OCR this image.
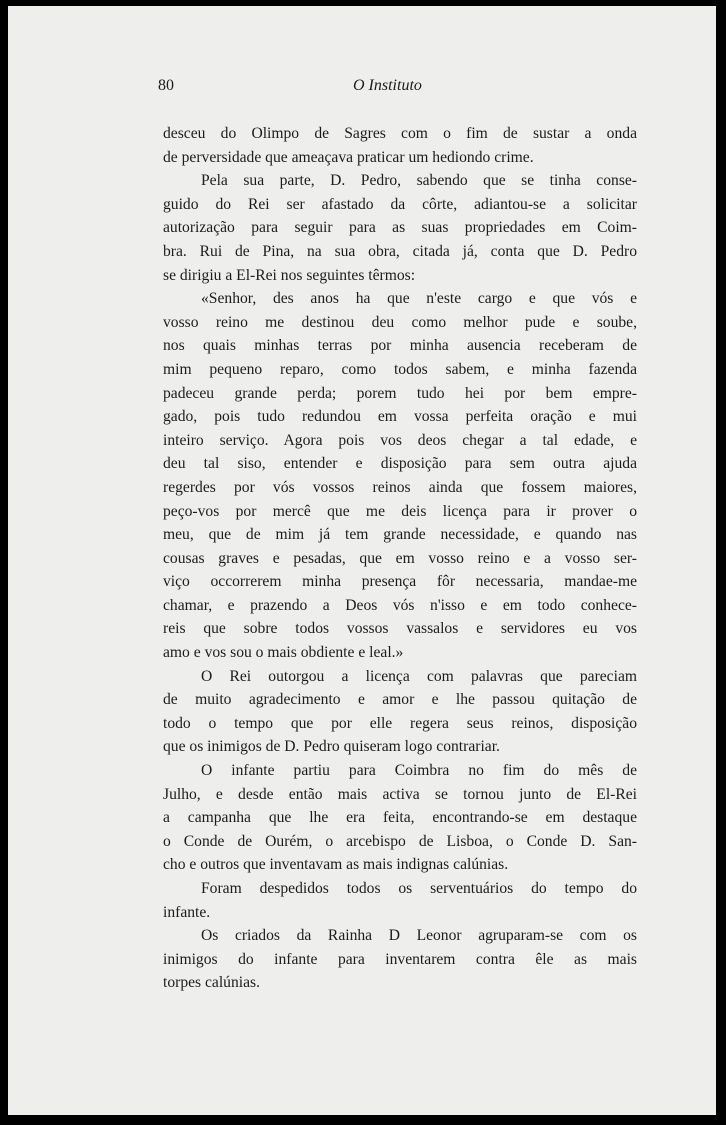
80	O Instituto
desceu do Olimpo de Sagres com o fim de sustar a onda
de perversidade que ameaçava praticar um hediondo crime.
Pela sua parte, D. Pedro, sabendo que se tinha conse-
guido do Rei ser afastado da côrte, adiantou-se a solicitar
autorização para seguir para as suas propriedades em Coim-
bra. Rui de Pina, na sua obra, citada já, conta que D. Pedro
se dirigiu a El-Rei nos seguintes têrmos:
«Senhor, des anos ha que n'este cargo e que vós e
vosso reino me destinou deu como melhor pude e soube,
nos quais minhas terras por minha ausencia receberam de
mim pequeno reparo, como todos sabem, e minha fazenda
padeceu grande perda; porem tudo hei por bem empre-
gado, pois tudo redundou em vossa perfeita oração e mui
inteiro serviço. Agora pois vos deos chegar a tal edade, e
deu tal siso, entender e disposição para sem outra ajuda
regerdes por vós vossos reinos ainda que fossem maiores,
peço-vos por mercê que me deis licença para ir prover o
meu, que de mim já tem grande necessidade, e quando nas
cousas graves e pesadas, que em vosso reino e a vosso ser-
viço occorrerem minha presença fôr necessaria, mandae-me
chamar, e prazendo a Deos vós n'isso e em todo conhece-
reis que sobre todos vossos vassalos e servidores eu vos
amo e vos sou o mais obdiente e leal.»
O Rei outorgou a licença com palavras que pareciam
de muito agradecimento e amor e lhe passou quitação de
todo o tempo que por elle regera seus reinos, disposição
que os inimigos de D. Pedro quiseram logo contrariar.
O infante partiu para Coimbra no fim do mês de
Julho, e desde então mais activa se tornou junto de El-Rei
a campanha que lhe era feita, encontrando-se em destaque
o Conde de Ourém, o arcebispo de Lisboa, o Conde D. San-
cho e outros que inventavam as mais indignas calúnias.
Foram despedidos todos os serventuários do tempo do
infante.
Os criados da Rainha D Leonor agruparam-se com os
inimigos do infante para inventarem contra êle as mais
torpes calúnias.
